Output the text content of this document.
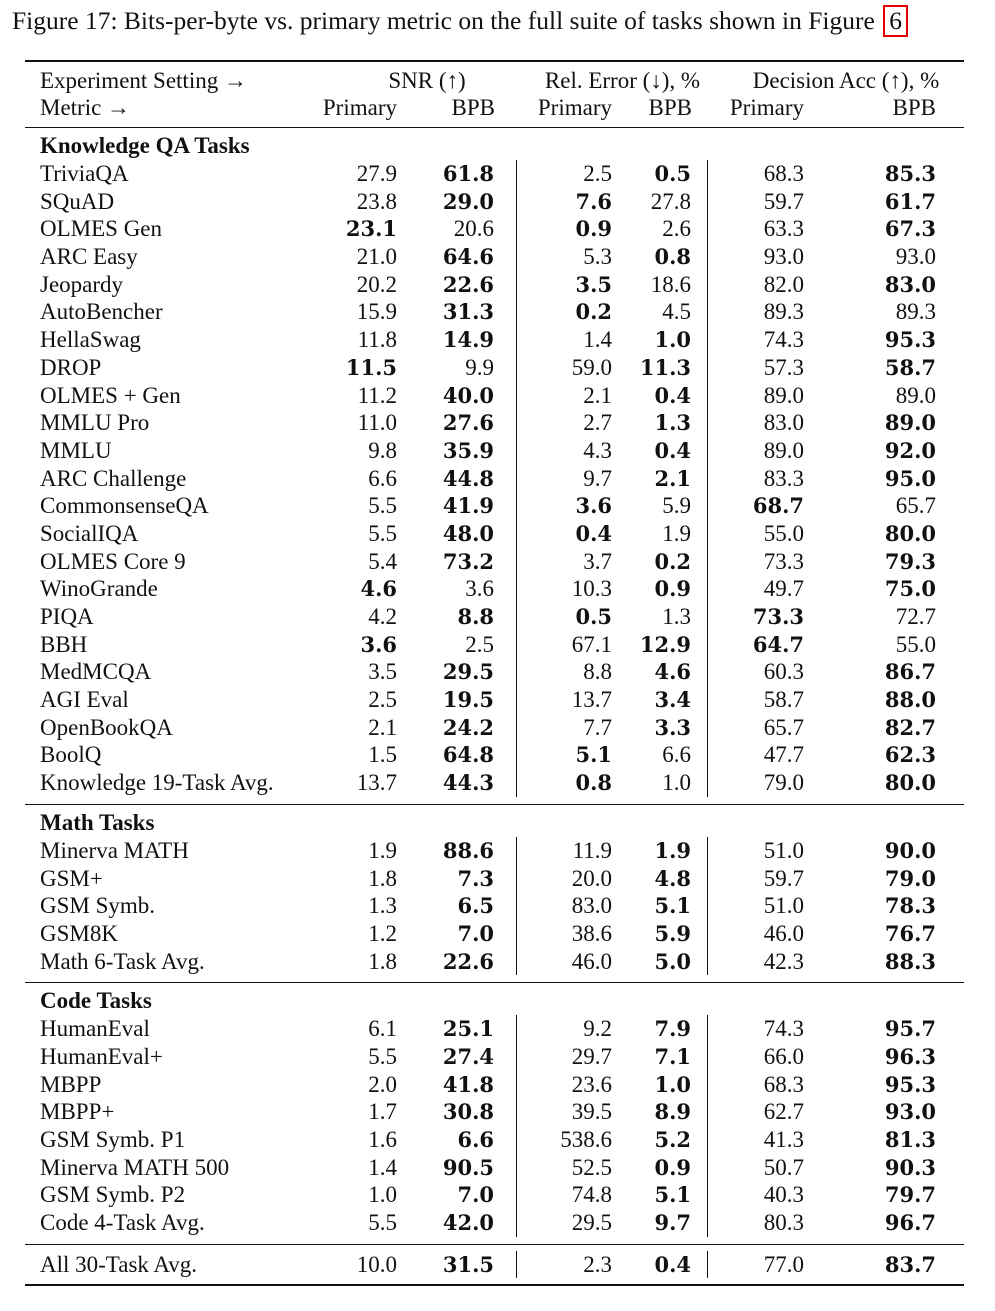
Figure 17: Bits-per-byte vs. primary metric on the full suite of tasks shown in Figure 6
Experiment Setting →	SNR (↑)	Rel. Error (↓), %	Decision Acc (↑), %
Metric →	Primary	BPB	Primary	BPB	Primary	BPB
Knowledge QA Tasks
TriviaQA	27.9	61.8	2.5	0.5	68.3	85.3
SQuAD	23.8	29.0	7.6	27.8	59.7	61.7
OLMES Gen	23.1	20.6	0.9	2.6	63.3	67.3
ARC Easy	21.0	64.6	5.3	0.8	93.0	93.0
Jeopardy	20.2	22.6	3.5	18.6	82.0	83.0
AutoBencher	15.9	31.3	0.2	4.5	89.3	89.3
HellaSwag	11.8	14.9	1.4	1.0	74.3	95.3
DROP	11.5	9.9	59.0	11.3	57.3	58.7
OLMES + Gen	11.2	40.0	2.1	0.4	89.0	89.0
MMLU Pro	11.0	27.6	2.7	1.3	83.0	89.0
MMLU	9.8	35.9	4.3	0.4	89.0	92.0
ARC Challenge	6.6	44.8	9.7	2.1	83.3	95.0
CommonsenseQA	5.5	41.9	3.6	5.9	68.7	65.7
SocialIQA	5.5	48.0	0.4	1.9	55.0	80.0
OLMES Core 9	5.4	73.2	3.7	0.2	73.3	79.3
WinoGrande	4.6	3.6	10.3	0.9	49.7	75.0
PIQA	4.2	8.8	0.5	1.3	73.3	72.7
BBH	3.6	2.5	67.1	12.9	64.7	55.0
MedMCQA	3.5	29.5	8.8	4.6	60.3	86.7
AGI Eval	2.5	19.5	13.7	3.4	58.7	88.0
OpenBookQA	2.1	24.2	7.7	3.3	65.7	82.7
BoolQ	1.5	64.8	5.1	6.6	47.7	62.3
Knowledge 19-Task Avg.	13.7	44.3	0.8	1.0	79.0	80.0
Math Tasks
Minerva MATH	1.9	88.6	11.9	1.9	51.0	90.0
GSM+	1.8	7.3	20.0	4.8	59.7	79.0
GSM Symb.	1.3	6.5	83.0	5.1	51.0	78.3
GSM8K	1.2	7.0	38.6	5.9	46.0	76.7
Math 6-Task Avg.	1.8	22.6	46.0	5.0	42.3	88.3
Code Tasks
HumanEval	6.1	25.1	9.2	7.9	74.3	95.7
HumanEval+	5.5	27.4	29.7	7.1	66.0	96.3
MBPP	2.0	41.8	23.6	1.0	68.3	95.3
MBPP+	1.7	30.8	39.5	8.9	62.7	93.0
GSM Symb. P1	1.6	6.6	538.6	5.2	41.3	81.3
Minerva MATH 500	1.4	90.5	52.5	0.9	50.7	90.3
GSM Symb. P2	1.0	7.0	74.8	5.1	40.3	79.7
Code 4-Task Avg.	5.5	42.0	29.5	9.7	80.3	96.7
All 30-Task Avg.	10.0	31.5	2.3	0.4	77.0	83.7
